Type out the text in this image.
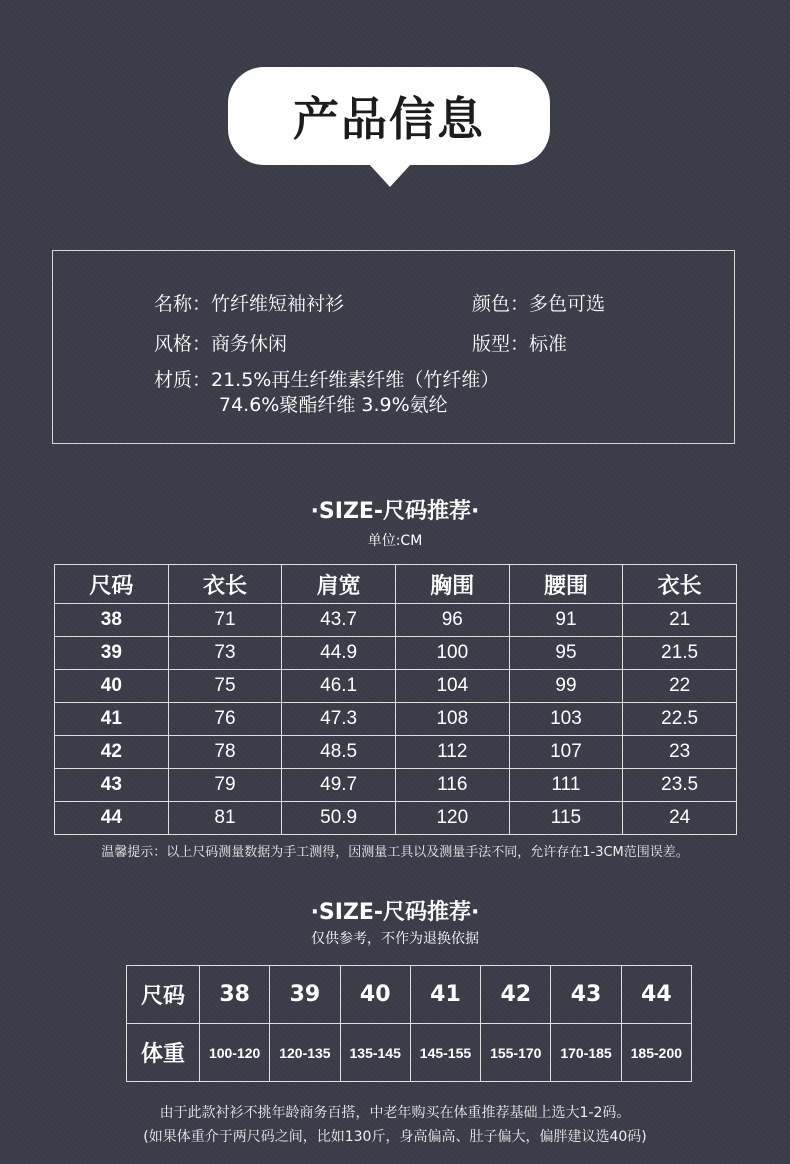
产品信息
名称：竹纤维短袖衬衫	颜色：多色可选
风格：商务休闲	版型：标准
材质：21.5%再生纤维素纤维（竹纤维）
74.6%聚酯纤维 3.9%氨纶
·SIZE-尺码推荐·
单位:CM
尺码	衣长	肩宽	胸围	腰围	衣长
38	71	43.7	96	91	21
39	73	44.9	100	95	21.5
40	75	46.1	104	99	22
41	76	47.3	108	103	22.5
42	78	48.5	112	107	23
43	79	49.7	116	111	23.5
44	81	50.9	120	115	24
温馨提示：以上尺码测量数据为手工测得，因测量工具以及测量手法不同，允许存在1-3CM范围误差。
·SIZE-尺码推荐·
仅供参考，不作为退换依据
尺码	38	39	40	41	42	43	44
体重	100-120	120-135	135-145	145-155	155-170	170-185	185-200
由于此款衬衫不挑年龄商务百搭，中老年购买在体重推荐基础上选大1-2码。
(如果体重介于两尺码之间，比如130斤，身高偏高、肚子偏大，偏胖建议选40码)
